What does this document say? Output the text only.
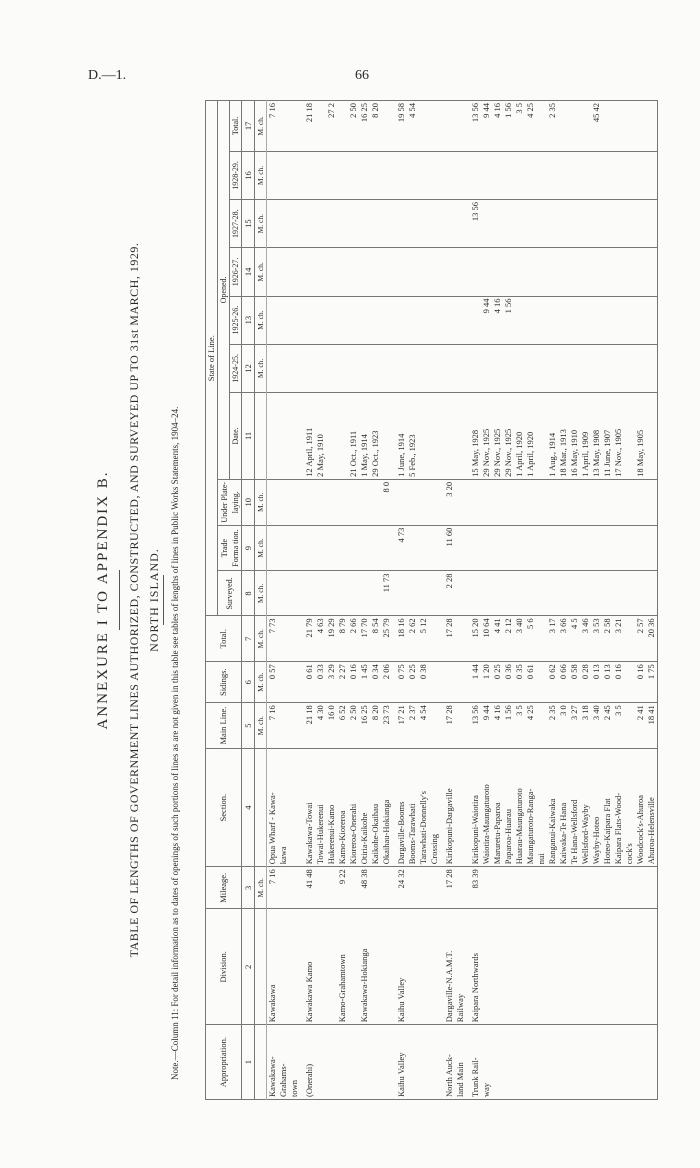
D.—1.	66
ANNEXURE I TO APPENDIX B. TABLE OF LENGTHS OF GOVERNMENT LINES AUTHORIZED, CONSTRUCTED, AND SURVEYED UP TO 31st MARCH, 1929. NORTH ISLAND. Note.—Column 11: For detail information as to dates of openings of such portions of lines as are not given in this table see tables of lengths of lines in Public Works Statements, 1904–24.	Appropriation.	Division.	Mileage.	Section.	Main Line.	Sidings.	Total.	State of Line.									
							Surveyed.	Trade Forma tion.	Under Plate-laying.	Opened.						
										Date.	1924-25.	1925-26.	1926-27.	1927-28.	1928-29.	Total.
1	2	3	4	5	6	7	8	9	10	11	12	13	14	15	16	17
		M. ch.		M. ch.	M. ch.	M. ch.	M. ch.	M. ch.	M. ch.		M. ch.	M. ch.	M. ch.	M. ch.	M. ch.	M. ch.
Kawakawa-	Kawakawa	7 16	Opua Wharf - Kawa-	7 16	0 57	7 73										7 16
Grahams-			kawa													
town																
(Onerahi)	Kawakawa Kamo	41 48	Kawakawa-Towai	21 18	0 61	21 79				12 April, 1911						21 18
			Towai-Hukerenui	4 30	0 33	4 63				2 May, 1910						
			Hukerenui-Kamo	16 0	3 29	19 29										27 2
	Kamo-Grahamtown	9 22	Kamo-Kioreroa	6 52	2 27	8 79										
			Kioreroa-Onerahi	2 50	0 16	2 66				21 Oct., 1911						2 50
	Kawakawa-Hokianga	48 38	Otiria-Kaikohe	16 25	1 45	17 70				1 May, 1914						16 25
			Kaikohe-Okaihau	8 20	0 34	8 54				29 Oct., 1923						8 20
			Okaihau-Hokianga	23 73	2 06	25 79	11 73		8 0							
Kaihu Valley	Kaihu Valley	24 32	Dargaville-Booms	17 21	0 75	18 16		4 73		1 June, 1914						19 58
			Booms-Tarawhati	2 37	0 25	2 62				5 Feb., 1923						4 54
			Tarawhati-Donnelly's	4 54	0 38	5 12										
			Crossing													
North Auck-	Dargaville-N.A.M.T.	17 28	Kirikopuni-Dargaville	17 28		17 28	2 28	11 60	3 20							
land Main	Railway															
Trunk Rail-	Kaipara Northwards	83 39	Kirikopuni-Waiotira	13 56	1 44	15 20				15 May, 1928				13 56		13 56
way			Waiotira-Maungaturoto	9 44	1 20	10 64				29 Nov., 1925		9 44				9 44
			Maruretu-Paparoa	4 16	0 25	4 41				29 Nov., 1925		4 16				4 16
			Paparoa-Huarau	1 56	0 36	2 12				29 Nov., 1925		1 56				1 56
			Huarau-Maungaturoto	3 5	0 35	3 40				1 April, 1920						3 5
			Maungaturoto-Ranga-	4 25	0 61	5 6				1 April, 1920						4 25
			nui													
			Ranganui-Kaiwaka	2 35	0 62	3 17				1 Aug., 1914						2 35
			Kaiwaka-Te Hana	3 0	0 66	3 66				18 Mar., 1913						
			Te Hana-Wellsford	3 27	0 58	4 5				16 May, 1910						
			Wellsford-Wayby	3 18	0 28	3 46				1 April, 1909						
			Wayby-Hoteo	3 40	0 13	3 53				13 May, 1908						45 42
			Hoteo-Kaipara Flat	2 45	0 13	2 58				11 June, 1907						
			Kaipara Flats-Wood-	3 5	0 16	3 21				17 Nov., 1905						
			cock's													
			Woodcock's-Ahuroa	2 41	0 16	2 57				18 May, 1905						
			Ahuroa-Helensville	18 41	1 75	20 36										
